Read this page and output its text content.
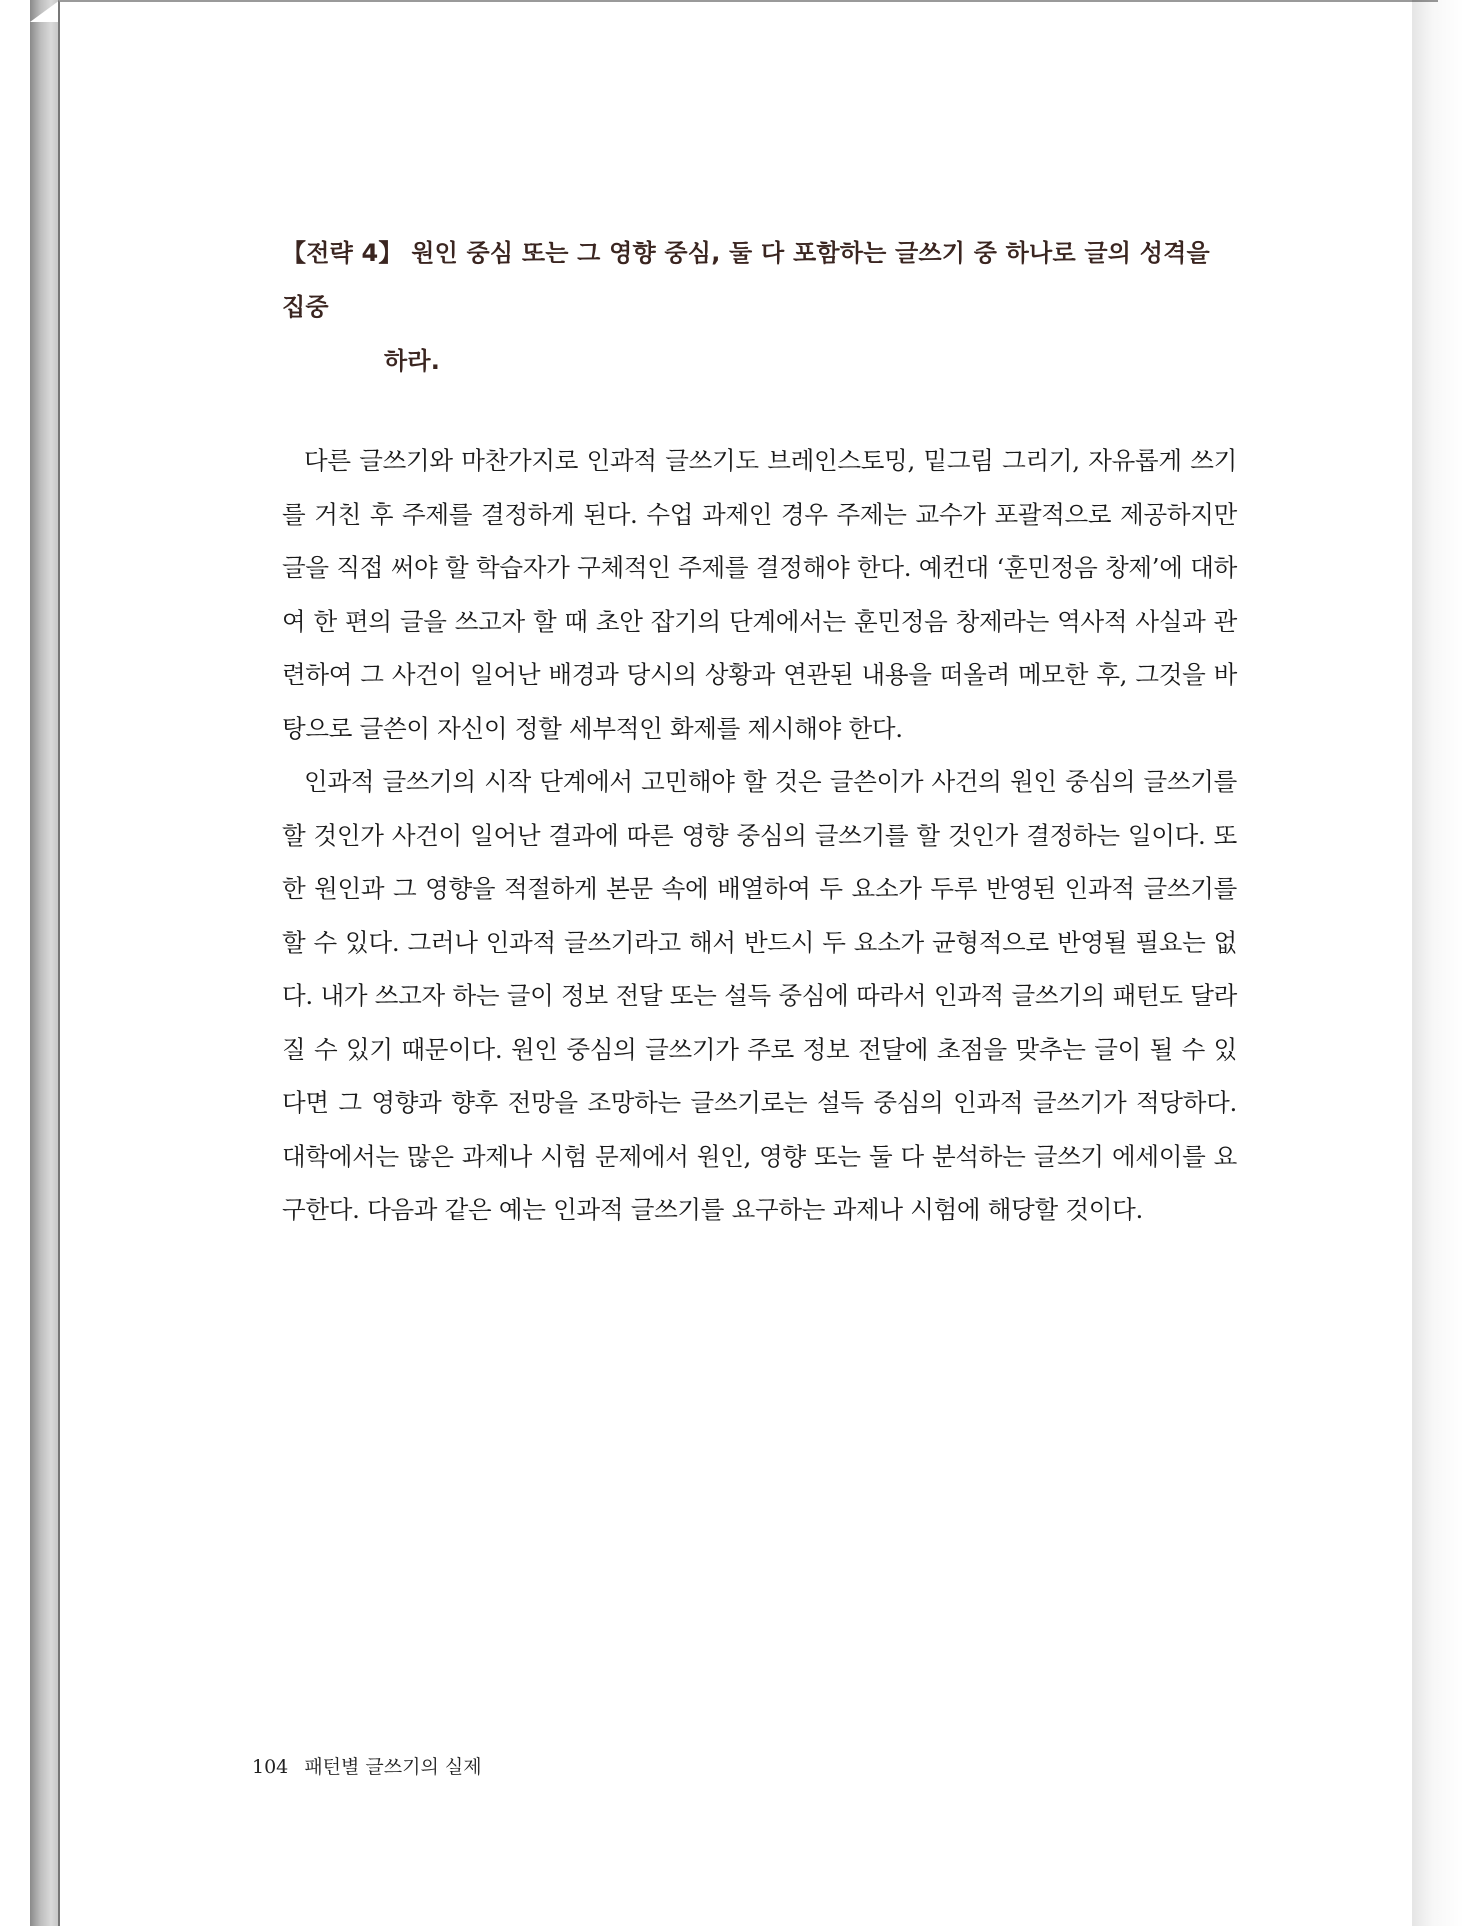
【전략 4】 원인 중심 또는 그 영향 중심, 둘 다 포함하는 글쓰기 중 하나로 글의 성격을 집중
하라.

다른 글쓰기와 마찬가지로 인과적 글쓰기도 브레인스토밍, 밑그림 그리기, 자유롭게 쓰기를 거친 후 주제를 결정하게 된다. 수업 과제인 경우 주제는 교수가 포괄적으로 제공하지만 글을 직접 써야 할 학습자가 구체적인 주제를 결정해야 한다. 예컨대 ‘훈민정음 창제’에 대하여 한 편의 글을 쓰고자 할 때 초안 잡기의 단계에서는 훈민정음 창제라는 역사적 사실과 관련하여 그 사건이 일어난 배경과 당시의 상황과 연관된 내용을 떠올려 메모한 후, 그것을 바탕으로 글쓴이 자신이 정할 세부적인 화제를 제시해야 한다.

인과적 글쓰기의 시작 단계에서 고민해야 할 것은 글쓴이가 사건의 원인 중심의 글쓰기를 할 것인가 사건이 일어난 결과에 따른 영향 중심의 글쓰기를 할 것인가 결정하는 일이다. 또한 원인과 그 영향을 적절하게 본문 속에 배열하여 두 요소가 두루 반영된 인과적 글쓰기를 할 수 있다. 그러나 인과적 글쓰기라고 해서 반드시 두 요소가 균형적으로 반영될 필요는 없다. 내가 쓰고자 하는 글이 정보 전달 또는 설득 중심에 따라서 인과적 글쓰기의 패턴도 달라질 수 있기 때문이다. 원인 중심의 글쓰기가 주로 정보 전달에 초점을 맞추는 글이 될 수 있다면 그 영향과 향후 전망을 조망하는 글쓰기로는 설득 중심의 인과적 글쓰기가 적당하다. 대학에서는 많은 과제나 시험 문제에서 원인, 영향 또는 둘 다 분석하는 글쓰기 에세이를 요구한다. 다음과 같은 예는 인과적 글쓰기를 요구하는 과제나 시험에 해당할 것이다.

104 패턴별 글쓰기의 실제
